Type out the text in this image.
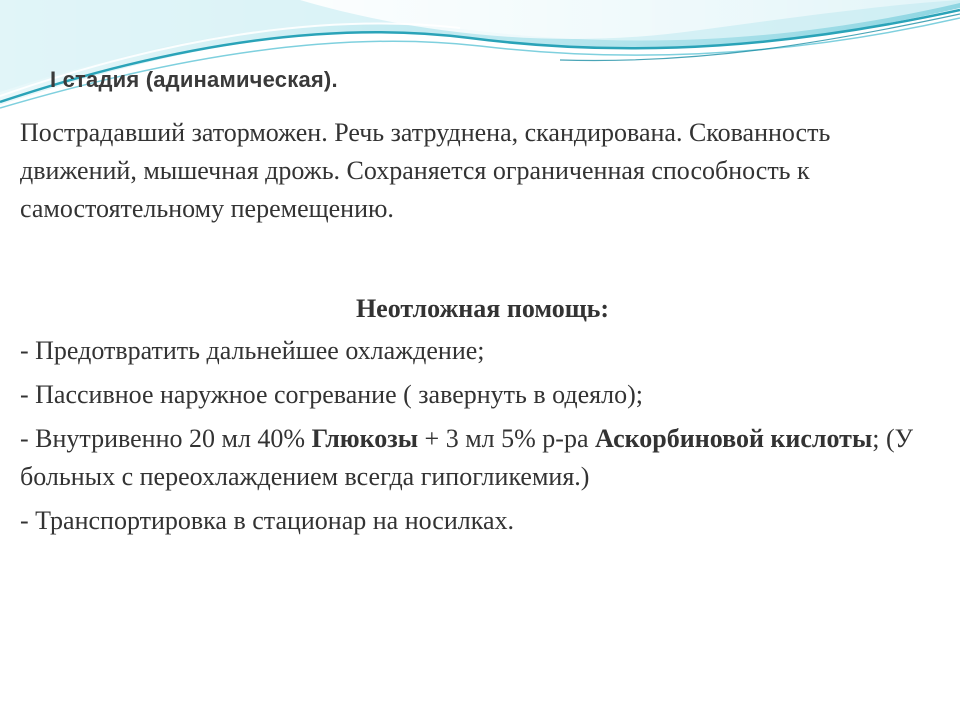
I стадия (адинамическая).

Пострадавший заторможен. Речь затруднена, скандирована. Скованность движений, мышечная дрожь. Сохраняется ограниченная способность к самостоятельному перемещению.

Неотложная помощь:

- Предотвратить дальнейшее охлаждение;

- Пассивное наружное согревание ( завернуть в одеяло);

- Внутривенно 20 мл 40% Глюкозы + 3 мл 5% р-ра Аскорбиновой кислоты; (У больных с переохлаждением всегда гипогликемия.)

- Транспортировка в стационар на носилках.
